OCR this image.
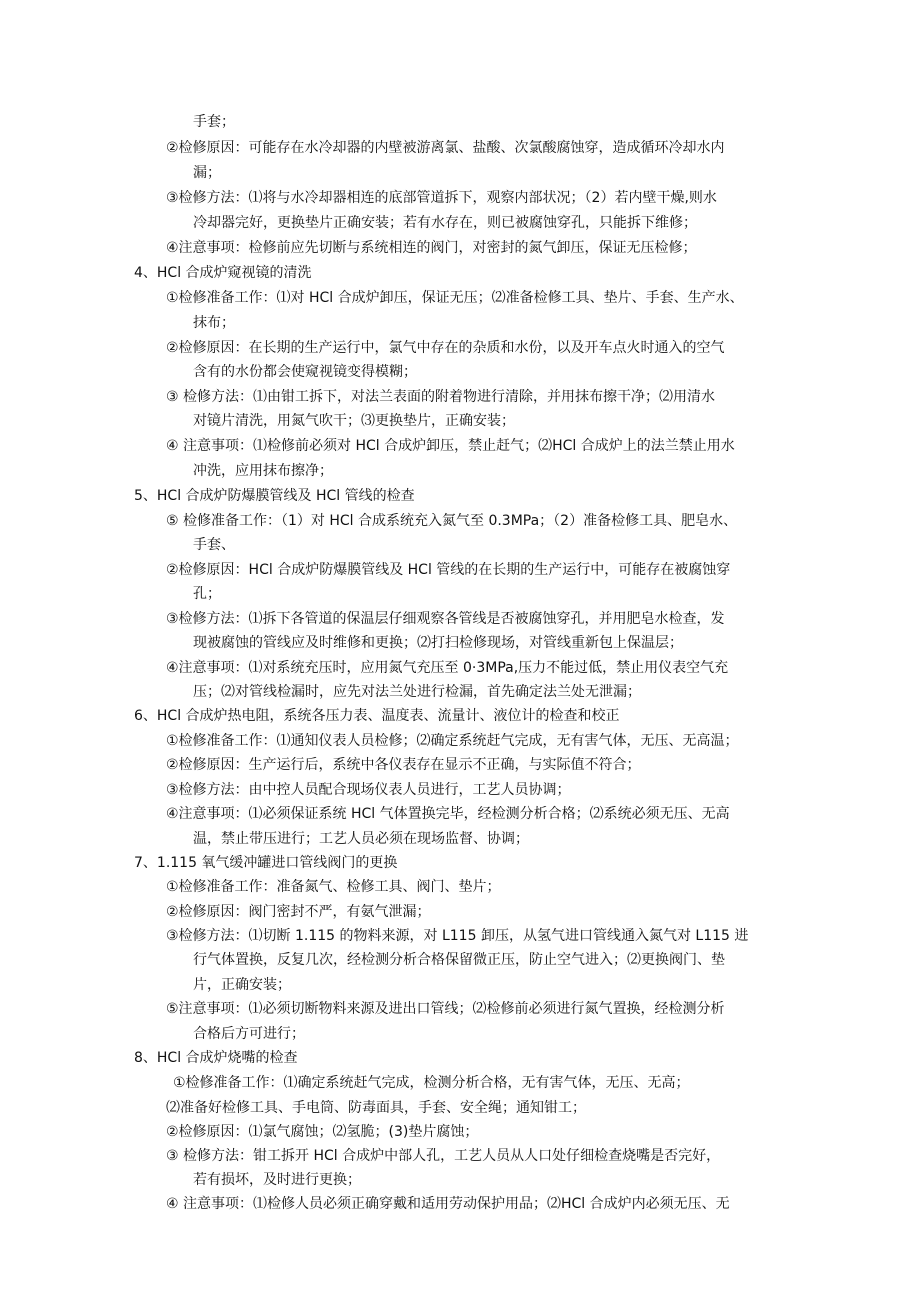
手套；
②检修原因：可能存在水冷却器的内壁被游离氯、盐酸、次氯酸腐蚀穿，造成循环冷却水内
漏；
③检修方法：⑴将与水冷却器相连的底部管道拆下，观察内部状况；（2）若内壁干燥,则水
冷却器完好，更换垫片正确安装；若有水存在，则已被腐蚀穿孔，只能拆下维修；
④注意事项：检修前应先切断与系统相连的阀门，对密封的氮气卸压，保证无压检修；
4、HCl 合成炉窥视镜的清洗
①检修准备工作：⑴对 HCl 合成炉卸压，保证无压；⑵准备检修工具、垫片、手套、生产水、
抹布；
②检修原因：在长期的生产运行中，氯气中存在的杂质和水份，以及开车点火时通入的空气
含有的水份都会使窥视镜变得模糊；
③ 检修方法：⑴由钳工拆下，对法兰表面的附着物进行清除，并用抹布擦干净；⑵用清水
对镜片清洗，用氮气吹干；⑶更换垫片，正确安装；
④ 注意事项：⑴检修前必须对 HCl 合成炉卸压，禁止赶气；⑵HCl 合成炉上的法兰禁止用水
冲洗，应用抹布擦净；
5、HCl 合成炉防爆膜管线及 HCl 管线的检查
⑤ 检修准备工作：（1）对 HCl 合成系统充入氮气至 0.3MPa；（2）准备检修工具、肥皂水、
手套、
②检修原因：HCl 合成炉防爆膜管线及 HCl 管线的在长期的生产运行中，可能存在被腐蚀穿
孔；
③检修方法：⑴拆下各管道的保温层仔细观察各管线是否被腐蚀穿孔，并用肥皂水检查，发
现被腐蚀的管线应及时维修和更换；⑵打扫检修现场，对管线重新包上保温层；
④注意事项：⑴对系统充压时，应用氮气充压至 0·3MPa,压力不能过低，禁止用仪表空气充
压；⑵对管线检漏时，应先对法兰处进行检漏，首先确定法兰处无泄漏；
6、HCl 合成炉热电阻，系统各压力表、温度表、流量计、液位计的检查和校正
①检修准备工作：⑴通知仪表人员检修；⑵确定系统赶气完成，无有害气体，无压、无高温；
②检修原因：生产运行后，系统中各仪表存在显示不正确，与实际值不符合；
③检修方法：由中控人员配合现场仪表人员进行，工艺人员协调；
④注意事项：⑴必须保证系统 HCl 气体置换完毕，经检测分析合格；⑵系统必须无压、无高
温，禁止带压进行；工艺人员必须在现场监督、协调；
7、1.115 氧气缓冲罐进口管线阀门的更换
①检修准备工作：准备氮气、检修工具、阀门、垫片；
②检修原因：阀门密封不严，有氨气泄漏；
③检修方法：⑴切断 1.115 的物料来源，对 L115 卸压，从氢气进口管线通入氮气对 L115 进
行气体置换，反复几次，经检测分析合格保留微正压，防止空气进入；⑵更换阀门、垫
片，正确安装；
⑤注意事项：⑴必须切断物料来源及进出口管线；⑵检修前必须进行氮气置换，经检测分析
合格后方可进行；
8、HCl 合成炉烧嘴的检查
①检修准备工作：⑴确定系统赶气完成，检测分析合格，无有害气体，无压、无高；
⑵准备好检修工具、手电筒、防毒面具，手套、安全绳；通知钳工；
②检修原因：⑴氯气腐蚀；⑵氢脆；(3)垫片腐蚀；
③ 检修方法：钳工拆开 HCl 合成炉中部人孔，工艺人员从人口处仔细检查烧嘴是否完好，
若有损坏，及时进行更换；
④ 注意事项：⑴检修人员必须正确穿戴和适用劳动保护用品；⑵HCl 合成炉内必须无压、无
